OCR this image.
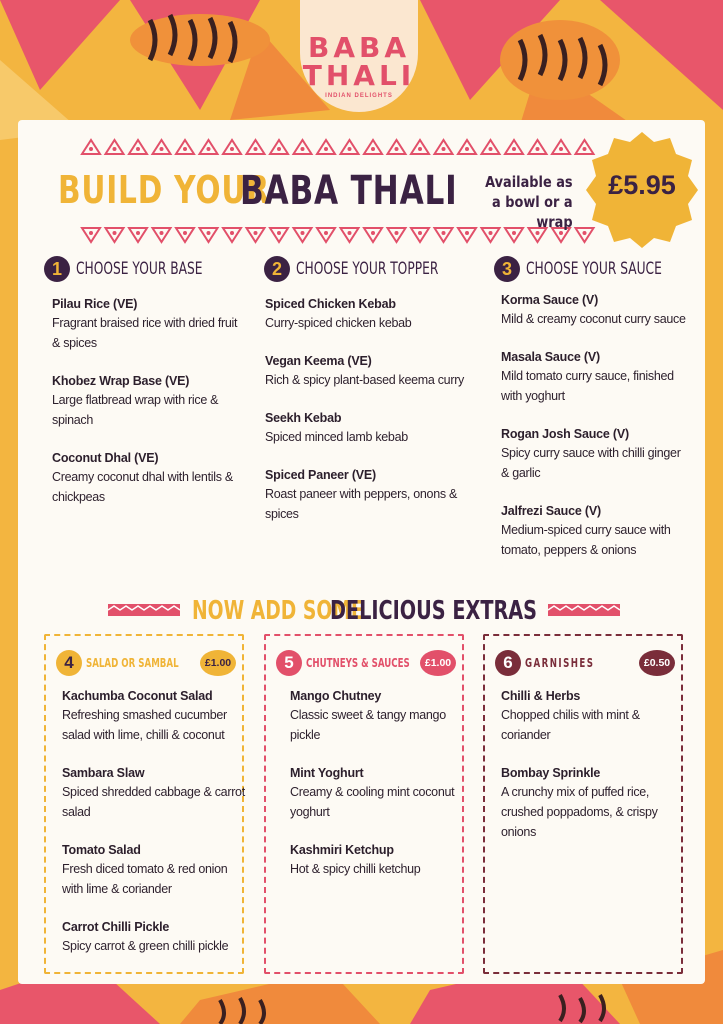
BABA
THALI
INDIAN DELIGHTS
BUILD YOUR
BABA THALI	Available as a bowl or a wrap
£5.95
1 CHOOSE YOUR BASE	2 CHOOSE YOUR TOPPER	3 CHOOSE YOUR SAUCE
Pilau Rice (VE)
Fragrant braised rice with dried fruit & spices
Khobez Wrap Base (VE)
Large flatbread wrap with rice & spinach
Coconut Dhal (VE)
Creamy coconut dhal with lentils & chickpeas
Spiced Chicken Kebab
Curry-spiced chicken kebab
Vegan Keema (VE)
Rich & spicy plant-based keema curry
Seekh Kebab
Spiced minced lamb kebab
Spiced Paneer (VE)
Roast paneer with peppers, onons & spices
Korma Sauce (V)
Mild & creamy coconut curry sauce
Masala Sauce (V)
Mild tomato curry sauce, finished with yoghurt
Rogan Josh Sauce (V)
Spicy curry sauce with chilli ginger & garlic
Jalfrezi Sauce (V)
Medium-spiced curry sauce with tomato, peppers & onions
NOW ADD SOME
DELICIOUS EXTRAS
4 SALAD OR SAMBAL	£1.00
Kachumba Coconut Salad
Refreshing smashed cucumber salad with lime, chilli & coconut
Sambara Slaw
Spiced shredded cabbage & carrot salad
Tomato Salad
Fresh diced tomato & red onion with lime & coriander
Carrot Chilli Pickle
Spicy carrot & green chilli pickle
5 CHUTNEYS & SAUCES	£1.00
Mango Chutney
Classic sweet & tangy mango pickle
Mint Yoghurt
Creamy & cooling mint coconut yoghurt
Kashmiri Ketchup
Hot & spicy chilli ketchup
6 GARNISHES	£0.50
Chilli & Herbs
Chopped chilis with mint & coriander
Bombay Sprinkle
A crunchy mix of puffed rice, crushed poppadoms, & crispy onions
